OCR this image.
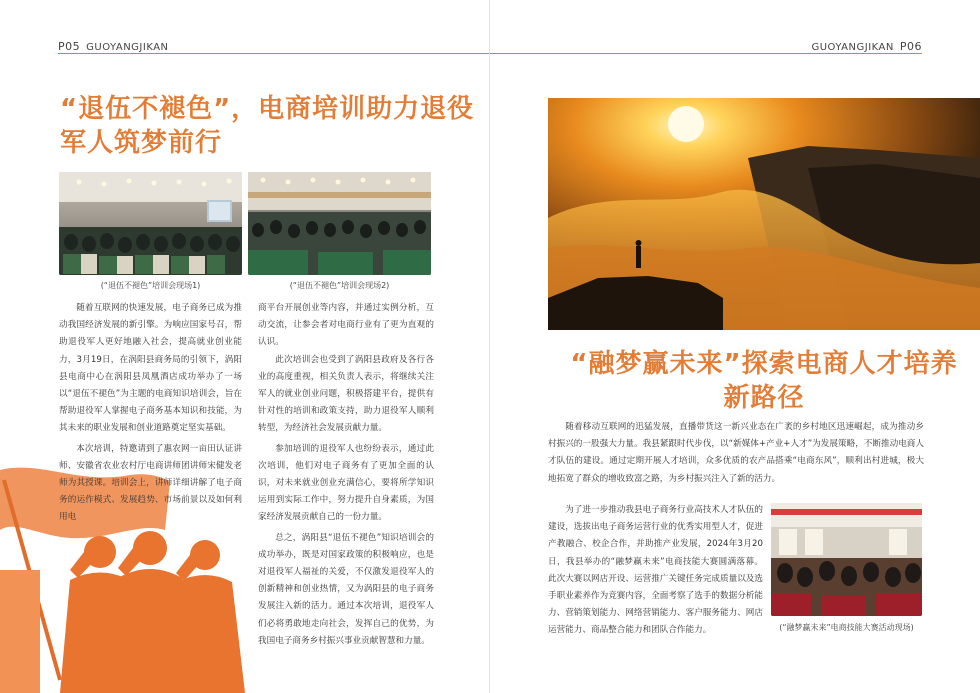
P05 GUOYANGJIKAN
“退伍不褪色”，电商培训助力退役
军人筑梦前行
(“退伍不褪色”培训会现场1)	(“退伍不褪色”培训会现场2)

随着互联网的快速发展，电子商务已成为推动我国经济发展的新引擎。为响应国家号召，帮助退役军人更好地融入社会，提高就业创业能力，3月19日，在涡阳县商务局的引领下，涡阳县电商中心在涡阳县凤凰酒店成功举办了一场以“退伍不褪色”为主题的电商知识培训会，旨在帮助退役军人掌握电子商务基本知识和技能，为其未来的职业发展和创业道路奠定坚实基础。

本次培训，特邀请到了惠农网一亩田认证讲师、安徽省农业农村厅电商讲师团讲师宋健发老师为其授课。培训会上，讲师详细讲解了电子商务的运作模式、发展趋势、市场前景以及如何利用电

商平台开展创业等内容，并通过实例分析，互动交流，让参会者对电商行业有了更为直观的认识。

此次培训会也受到了涡阳县政府及各行各业的高度重视，相关负责人表示，将继续关注军人的就业创业问题，积极搭建平台，提供有针对性的培训和政策支持，助力退役军人顺利转型，为经济社会发展贡献力量。

参加培训的退役军人也纷纷表示，通过此次培训，他们对电子商务有了更加全面的认识，对未来就业创业充满信心，要将所学知识运用到实际工作中，努力提升自身素质，为国家经济发展贡献自己的一份力量。

总之，涡阳县“退伍不褪色”知识培训会的成功举办，既是对国家政策的积极响应，也是对退役军人福祉的关爱，不仅激发退役军人的创新精神和创业热情，又为涡阳县的电子商务发展注入新的活力。通过本次培训，退役军人们必将勇敢地走向社会，发挥自己的优势，为我国电子商务乡村振兴事业贡献智慧和力量。

GUOYANGJIKAN P06
“融梦赢未来”探索电商人才培养
新路径

随着移动互联网的迅猛发展，直播带货这一新兴业态在广袤的乡村地区迅速崛起，成为推动乡村振兴的一股强大力量。我县紧跟时代步伐，以“新媒体+产业+人才”为发展策略，不断推动电商人才队伍的建设。通过定期开展人才培训，众多优质的农产品搭乘“电商东风”，顺利出村进城，极大地拓宽了群众的增收致富之路，为乡村振兴注入了新的活力。

为了进一步推动我县电子商务行业高技术人才队伍的建设，选拔出电子商务运营行业的优秀实用型人才，促进产教融合、校企合作，并助推产业发展，2024年3月20日，我县举办的“融梦赢未来”电商技能大赛圆满落幕。此次大赛以网店开设、运营推广关键任务完成质量以及选手职业素养作为竞赛内容，全面考察了选手的数据分析能力、营销策划能力、网络营销能力、客户服务能力、网店运营能力、商品整合能力和团队合作能力。	(“融梦赢未来”电商技能大赛活动现场)
